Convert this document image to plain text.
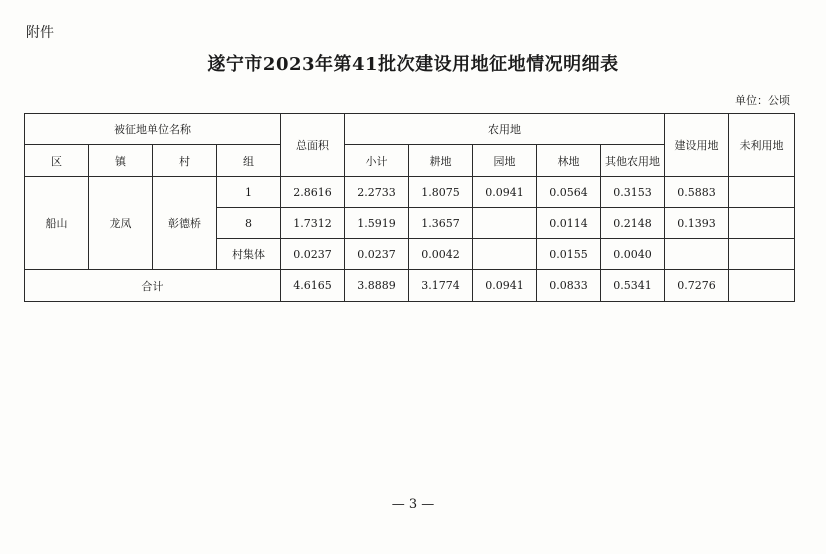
附件
遂宁市2023年第41批次建设用地征地情况明细表
单位：公顷
被征地单位名称				总面积	农用地					建设用地	未利用地
区	镇	村	组		小计	耕地	园地	林地	其他农用地		
船山	龙凤	彰德桥	1	2.8616	2.2733	1.8075	0.0941	0.0564	0.3153	0.5883	
			8	1.7312	1.5919	1.3657		0.0114	0.2148	0.1393	
			村集体	0.0237	0.0237	0.0042		0.0155	0.0040		
合计				4.6165	3.8889	3.1774	0.0941	0.0833	0.5341	0.7276	
— 3 —
